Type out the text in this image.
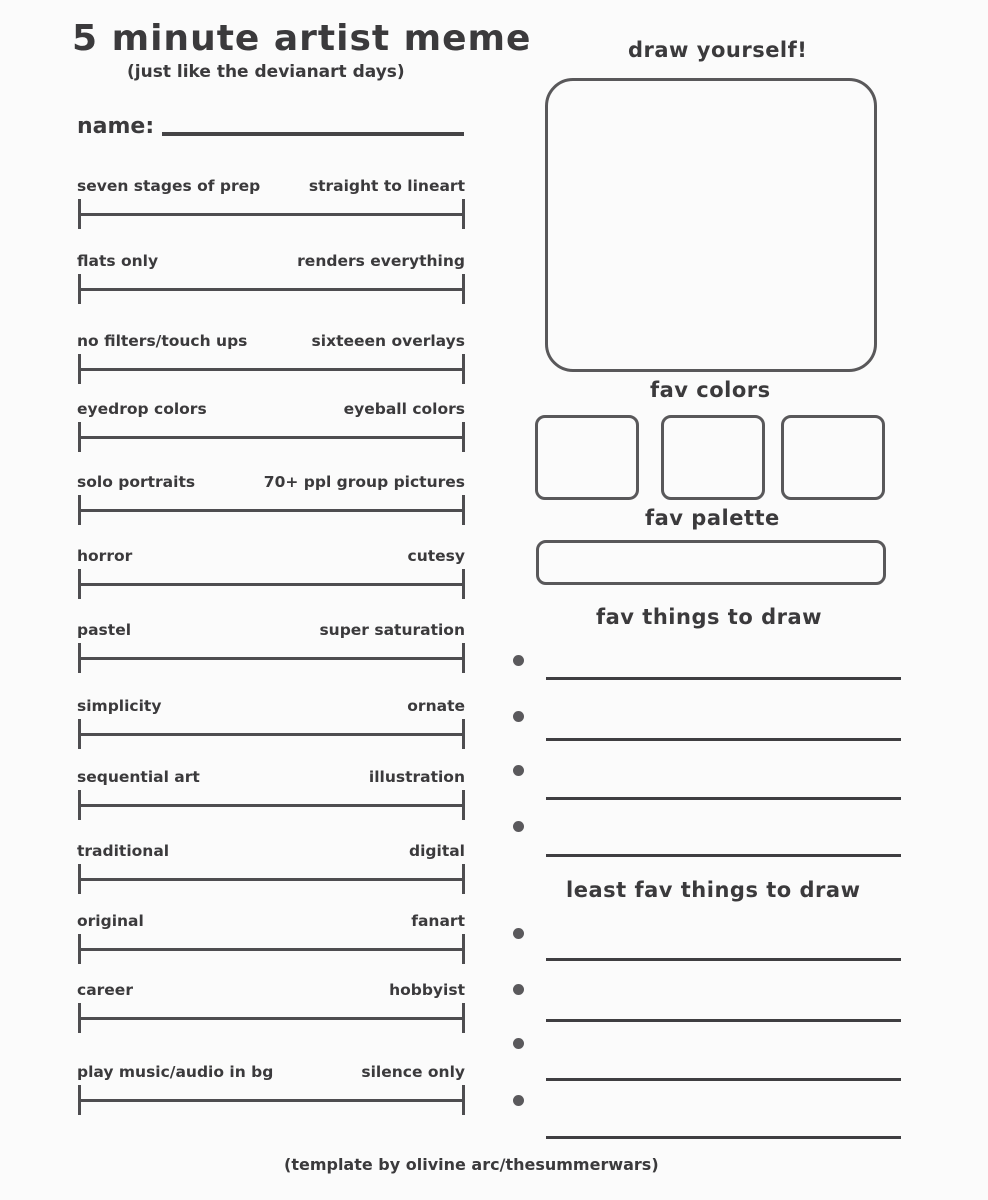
5 minute artist meme
(just like the devianart days)
name:
seven stages of prep	straight to lineart
flats only	renders everything
no filters/touch ups	sixteeen overlays
eyedrop colors	eyeball colors
solo portraits	70+ ppl group pictures
horror	cutesy
pastel	super saturation
simplicity	ornate
sequential art	illustration
traditional	digital
original	fanart
career	hobbyist
play music/audio in bg	silence only
draw yourself!
fav colors
fav palette
fav things to draw
least fav things to draw
(template by olivine arc/thesummerwars)
